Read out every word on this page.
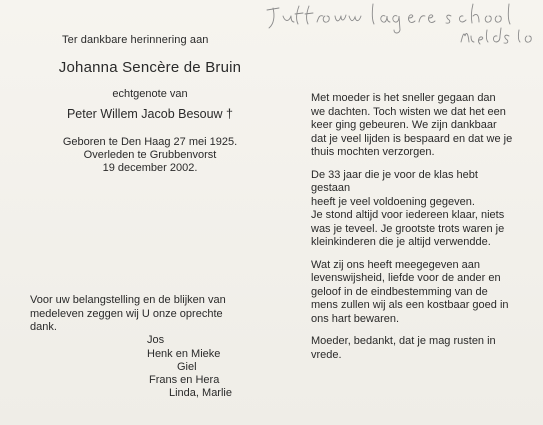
Ter dankbare herinnering aan
Johanna Sencère de Bruin
echtgenote van
Peter Willem Jacob Besouw †
Geboren te Den Haag 27 mei 1925.
Overleden te Grubbenvorst
19 december 2002.
Voor uw belangstelling en de blijken van
medeleven zeggen wij U onze oprechte
dank.
Jos
Henk en Mieke
Giel
Frans en Hera
Linda, Marlie

Met moeder is het sneller gegaan dan
we dachten. Toch wisten we dat het een
keer ging gebeuren. We zijn dankbaar
dat je veel lijden is bespaard en dat we je
thuis mochten verzorgen.

De 33 jaar die je voor de klas hebt gestaan
heeft je veel voldoening gegeven.
Je stond altijd voor iedereen klaar, niets
was je teveel. Je grootste trots waren je
kleinkinderen die je altijd verwendde.

Wat zij ons heeft meegegeven aan
levenswijsheid, liefde voor de ander en
geloof in de eindbestemming van de
mens zullen wij als een kostbaar goed in
ons hart bewaren.

Moeder, bedankt, dat je mag rusten in
vrede.
